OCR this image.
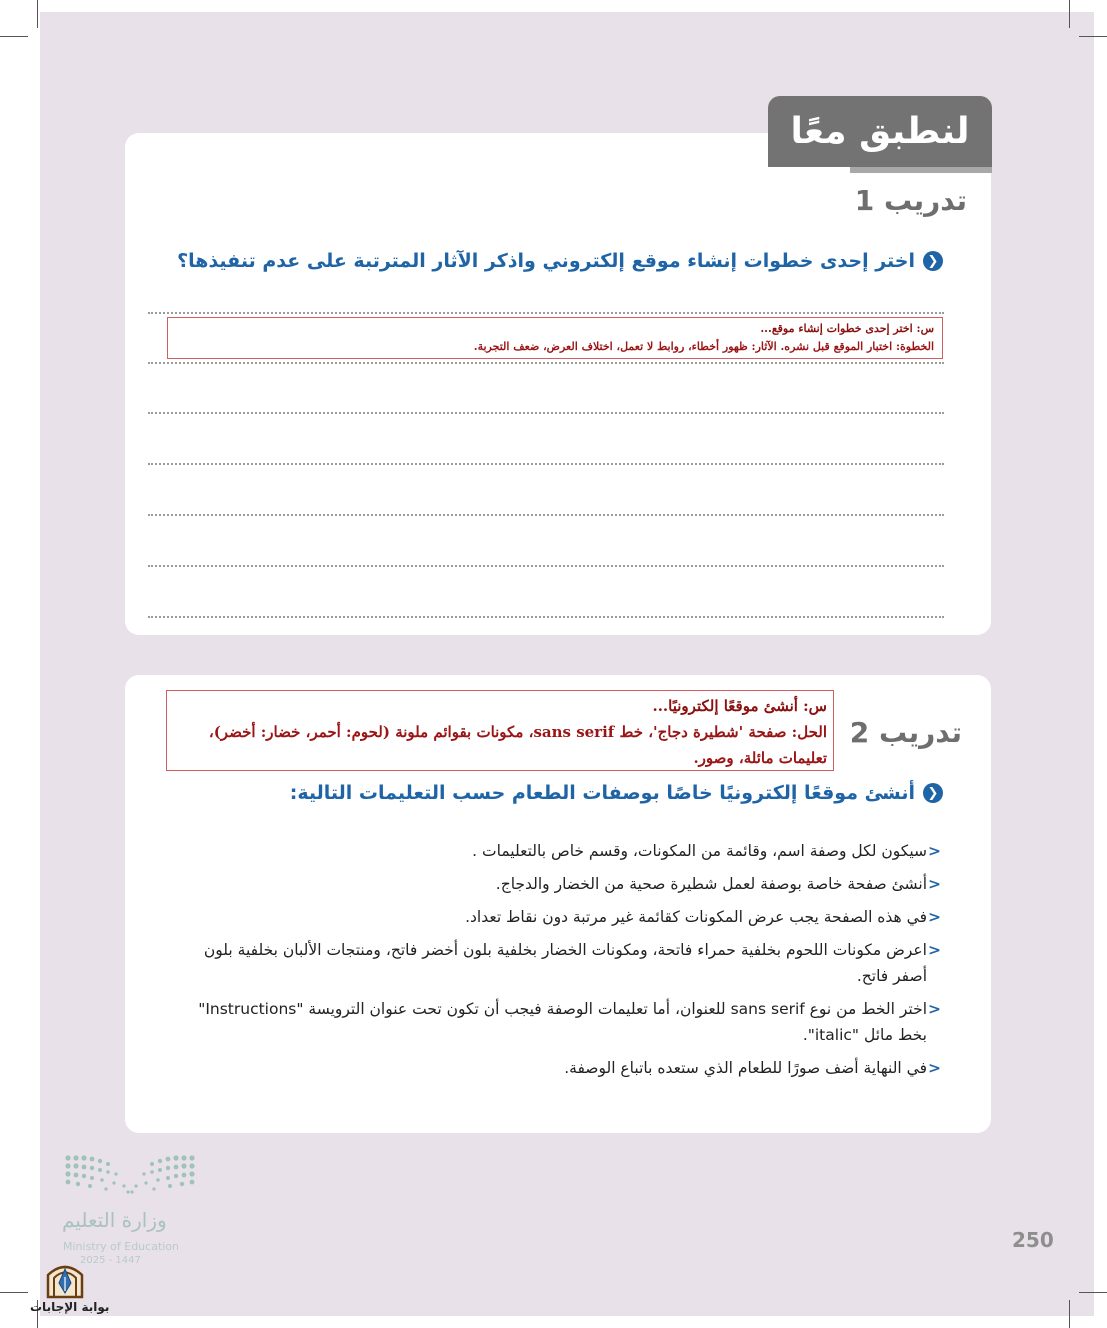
لنطبق معًا
تدريب 1
❮
اختر إحدى خطوات إنشاء موقع إلكتروني واذكر الآثار المترتبة على عدم تنفيذها؟
س: اختر إحدى خطوات إنشاء موقع...
الخطوة: اختبار الموقع قبل نشره. الآثار: ظهور أخطاء، روابط لا تعمل، اختلاف العرض، ضعف التجربة.
س: أنشئ موقعًا إلكترونيًا...
الحل: صفحة 'شطيرة دجاج'، خط sans serif، مكونات بقوائم ملونة (لحوم: أحمر، خضار: أخضر)، تعليمات مائلة، وصور.
تدريب 2
❮
أنشئ موقعًا إلكترونيًا خاصًا بوصفات الطعام حسب التعليمات التالية:
<
سيكون لكل وصفة اسم، وقائمة من المكونات، وقسم خاص بالتعليمات .
<
أنشئ صفحة خاصة بوصفة لعمل شطيرة صحية من الخضار والدجاج.
<
في هذه الصفحة يجب عرض المكونات كقائمة غير مرتبة دون نقاط تعداد.
<
اعرض مكونات اللحوم بخلفية حمراء فاتحة، ومكونات الخضار بخلفية بلون أخضر فاتح، ومنتجات الألبان بخلفية بلون أصفر فاتح.
<
اختر الخط من نوع sans serif للعنوان، أما تعليمات الوصفة فيجب أن تكون تحت عنوان الترويسة "Instructions" بخط مائل "italic".
<
في النهاية أضف صورًا للطعام الذي ستعده باتباع الوصفة.
وزارة التعليم
Ministry of Education
2025 - 1447
250
بوابة الإجابات
